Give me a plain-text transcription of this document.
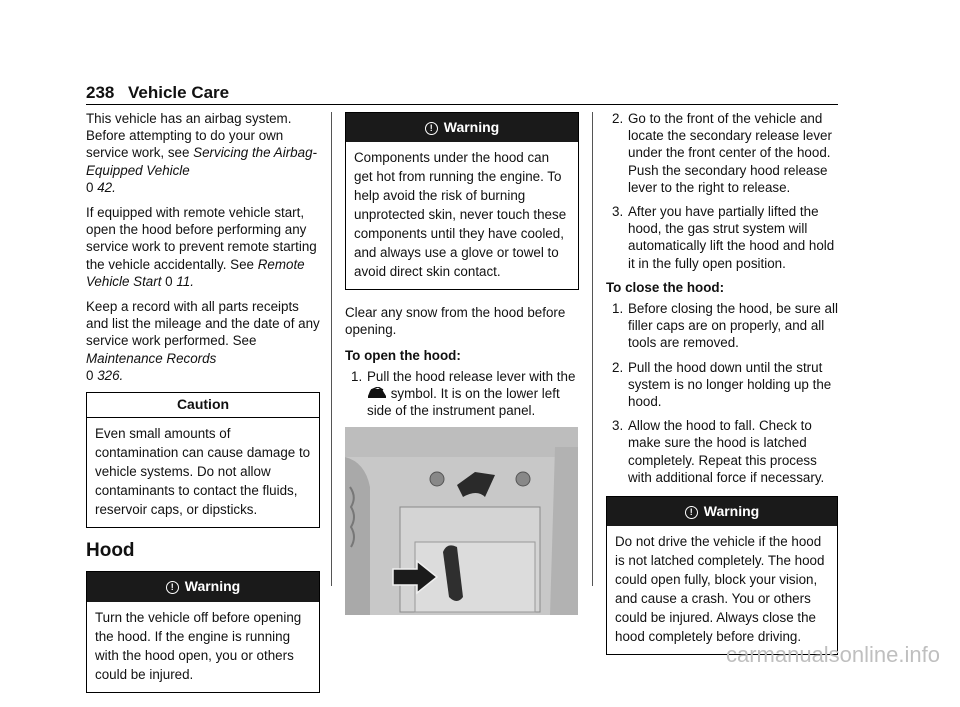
238 Vehicle Care

This vehicle has an airbag system. Before attempting to do your own service work, see Servicing the Airbag-Equipped Vehicle
0 42.

If equipped with remote vehicle start, open the hood before performing any service work to prevent remote starting the vehicle accidentally. See Remote Vehicle Start 0 11.

Keep a record with all parts receipts and list the mileage and the date of any service work performed. See Maintenance Records
0 326.

Caution
Even small amounts of contamination can cause damage to vehicle systems. Do not allow contaminants to contact the fluids, reservoir caps, or dipsticks.
Hood
! Warning
Turn the vehicle off before opening the hood. If the engine is running with the hood open, you or others could be injured.
! Warning
Components under the hood can get hot from running the engine. To help avoid the risk of burning unprotected skin, never touch these components until they have cooled, and always use a glove or towel to avoid direct skin contact.

Clear any snow from the hood before opening.

To open the hood:

1. Pull the hood release lever with the
symbol. It is on the lower left side of the instrument panel.
2. Go to the front of the vehicle and locate the secondary release lever under the front center of the hood. Push the secondary hood release lever to the right to release.
3. After you have partially lifted the hood, the gas strut system will automatically lift the hood and hold it in the fully open position.

To close the hood:

1. Before closing the hood, be sure all filler caps are on properly, and all tools are removed.
2. Pull the hood down until the strut system is no longer holding up the hood.
3. Allow the hood to fall. Check to make sure the hood is latched completely. Repeat this process with additional force if necessary.
! Warning
Do not drive the vehicle if the hood is not latched completely. The hood could open fully, block your vision, and cause a crash. You or others could be injured. Always close the hood completely before driving.
carmanualsonline.info
